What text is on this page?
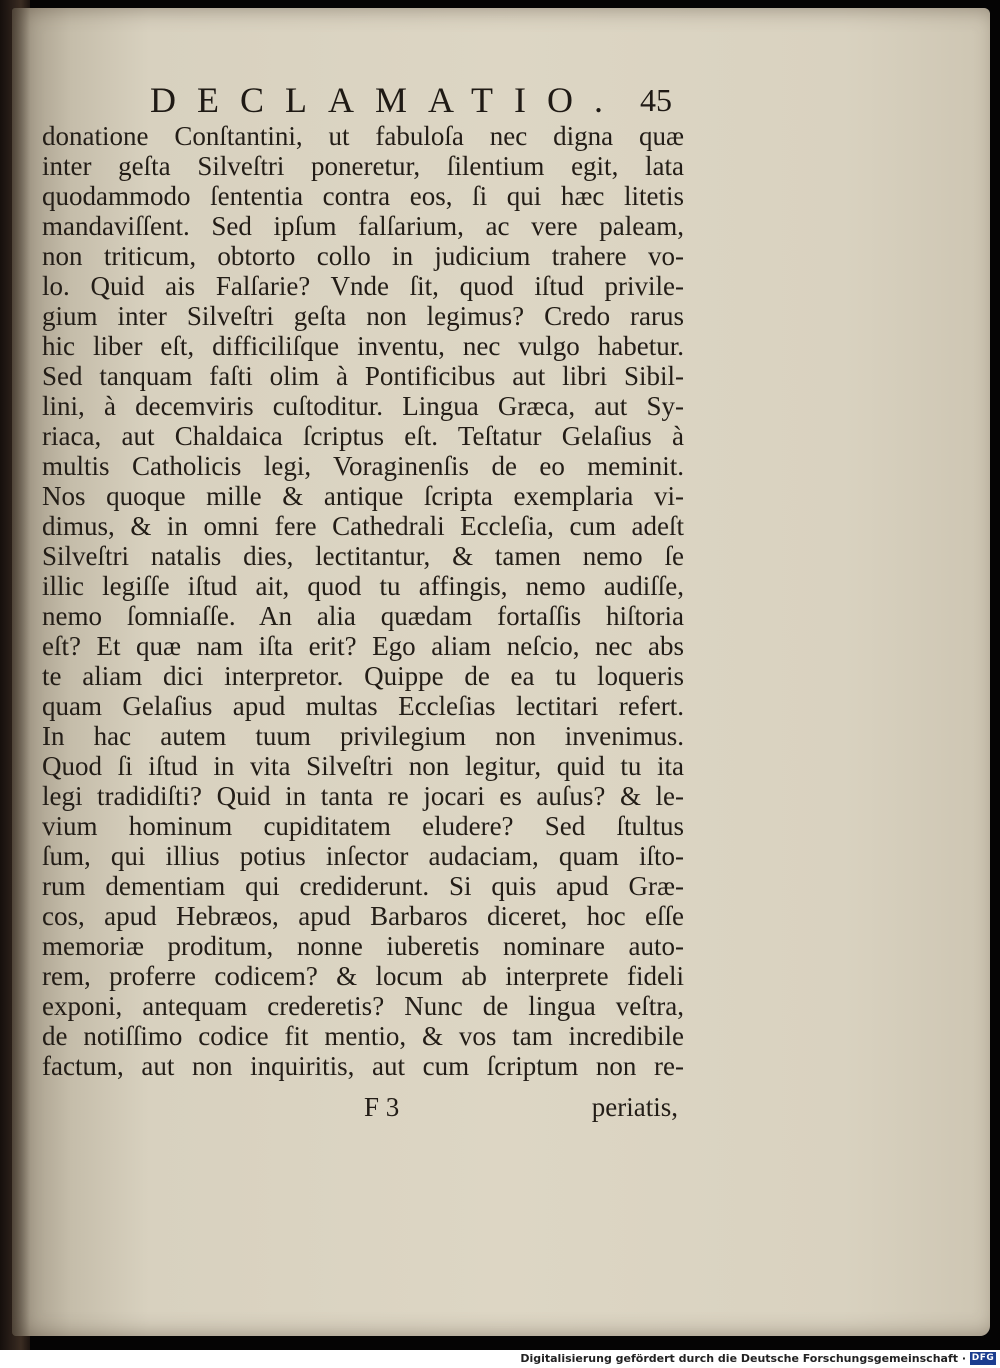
DECLAMATIO. 45
donatione Conſtantini, ut fabuloſa nec digna quæ
inter geſta Silveſtri poneretur, ſilentium egit, lata
quodammodo ſententia contra eos, ſi qui hæc litetis
mandaviſſent. Sed ipſum falſarium, ac vere paleam,
non triticum, obtorto collo in judicium trahere vo-
lo. Quid ais Falſarie? Vnde ſit, quod iſtud privile-
gium inter Silveſtri geſta non legimus? Credo rarus
hic liber eſt, difficiliſque inventu, nec vulgo habetur.
Sed tanquam faſti olim à Pontificibus aut libri Sibil-
lini, à decemviris cuſtoditur. Lingua Græca, aut Sy-
riaca, aut Chaldaica ſcriptus eſt. Teſtatur Gelaſius à
multis Catholicis legi, Voraginenſis de eo meminit.
Nos quoque mille & antique ſcripta exemplaria vi-
dimus, & in omni fere Cathedrali Eccleſia, cum adeſt
Silveſtri natalis dies, lectitantur, & tamen nemo ſe
illic legiſſe iſtud ait, quod tu affingis, nemo audiſſe,
nemo ſomniaſſe. An alia quædam fortaſſis hiſtoria
eſt? Et quæ nam iſta erit? Ego aliam neſcio, nec abs
te aliam dici interpretor. Quippe de ea tu loqueris
quam Gelaſius apud multas Eccleſias lectitari refert.
In hac autem tuum privilegium non invenimus.
Quod ſi iſtud in vita Silveſtri non legitur, quid tu ita
legi tradidiſti? Quid in tanta re jocari es auſus? & le-
vium hominum cupiditatem eludere? Sed ſtultus
ſum, qui illius potius inſector audaciam, quam iſto-
rum dementiam qui crediderunt. Si quis apud Græ-
cos, apud Hebræos, apud Barbaros diceret, hoc eſſe
memoriæ proditum, nonne iuberetis nominare auto-
rem, proferre codicem? & locum ab interprete fideli
exponi, antequam crederetis? Nunc de lingua veſtra,
de notiſſimo codice fit mentio, & vos tam incredibile
factum, aut non inquiritis, aut cum ſcriptum non re-
F 3	periatis,
Digitalisierung gefördert durch die Deutsche Forschungsgemeinschaft · DFG
